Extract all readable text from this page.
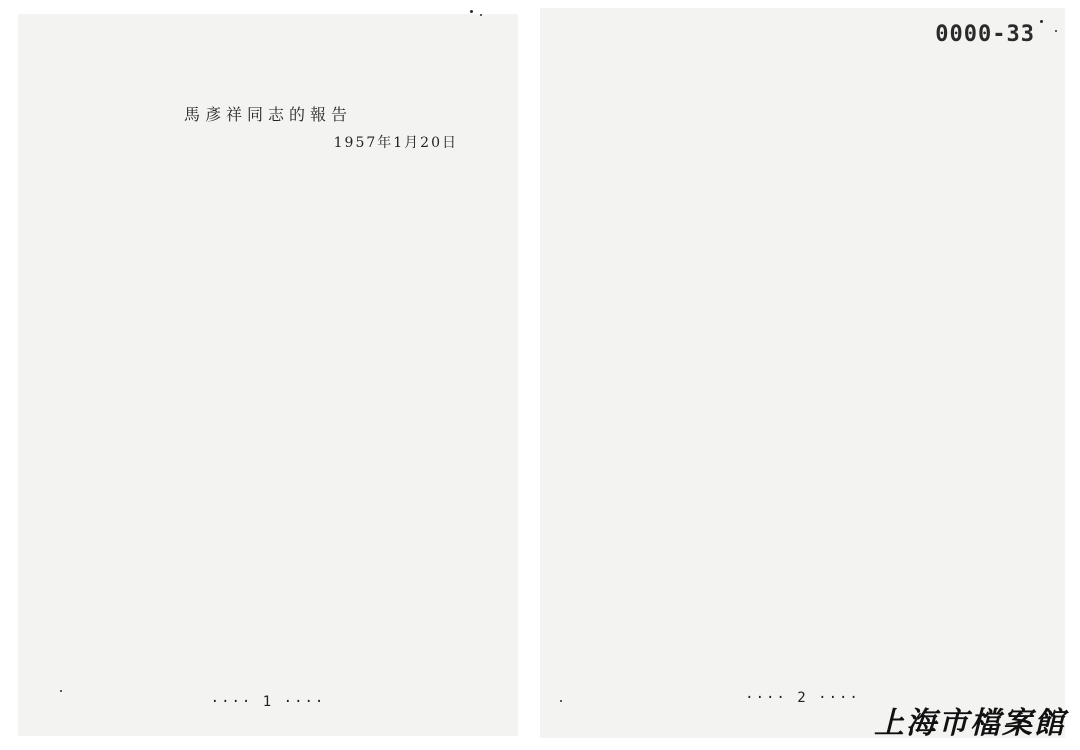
馬彥祥同志的報告
1957年1月20日
···· 1 ····
0000-33
···· 2 ····
上海市檔案館
